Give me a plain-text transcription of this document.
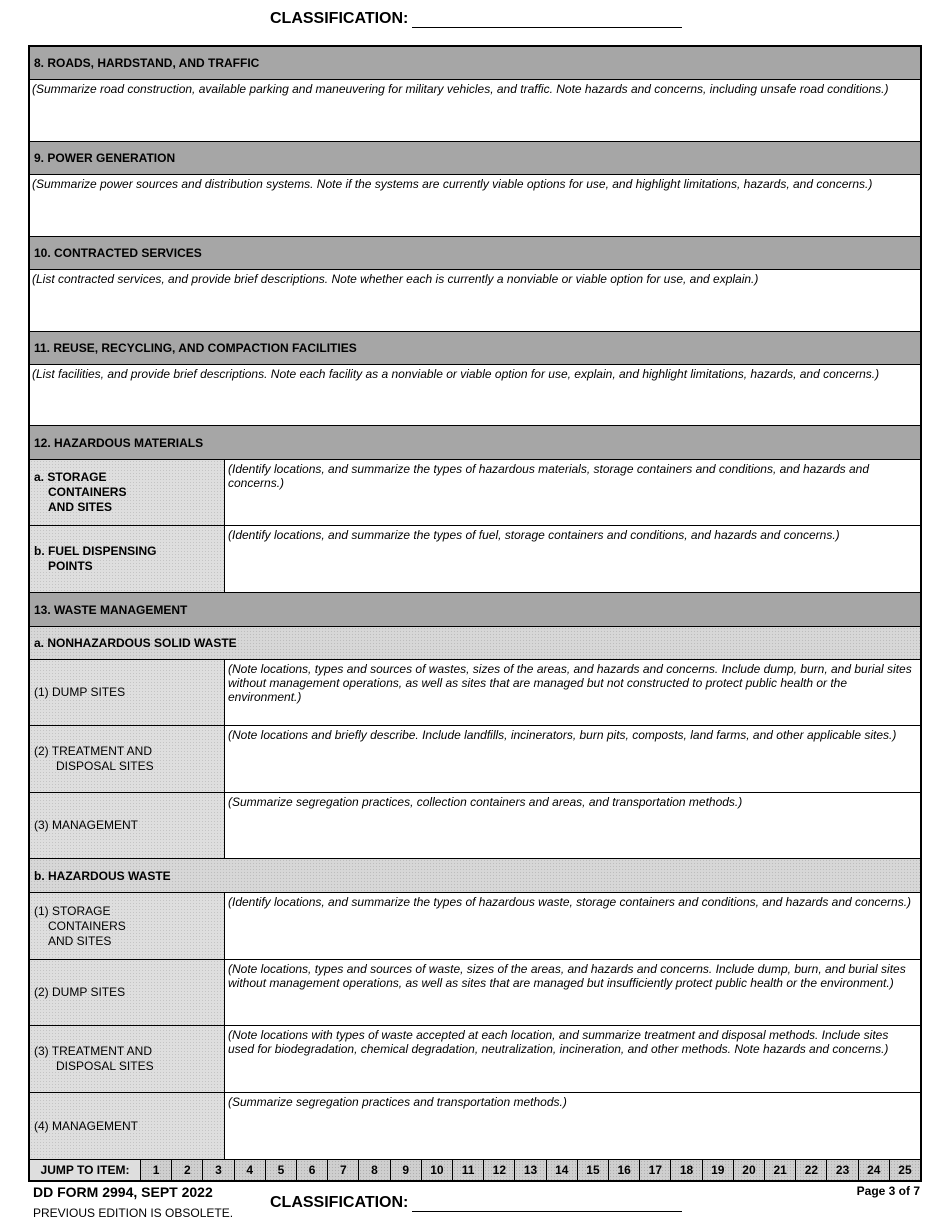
CLASSIFICATION:
8. ROADS, HARDSTAND, AND TRAFFIC
(Summarize road construction, available parking and maneuvering for military vehicles, and traffic. Note hazards and concerns, including unsafe road conditions.)
9. POWER GENERATION
(Summarize power sources and distribution systems. Note if the systems are currently viable options for use, and highlight limitations, hazards, and concerns.)
10. CONTRACTED SERVICES
(List contracted services, and provide brief descriptions. Note whether each is currently a nonviable or viable option for use, and explain.)
11. REUSE, RECYCLING, AND COMPACTION FACILITIES
(List facilities, and provide brief descriptions. Note each facility as a nonviable or viable option for use, explain, and highlight limitations, hazards, and concerns.)
12. HAZARDOUS MATERIALS
a. STORAGE
CONTAINERS
AND SITES
(Identify locations, and summarize the types of hazardous materials, storage containers and conditions, and hazards and concerns.)
b. FUEL DISPENSING
POINTS
(Identify locations, and summarize the types of fuel, storage containers and conditions, and hazards and concerns.)
13. WASTE MANAGEMENT
a. NONHAZARDOUS SOLID WASTE
(1) DUMP SITES
(Note locations, types and sources of wastes, sizes of the areas, and hazards and concerns. Include dump, burn, and burial sites without management operations, as well as sites that are managed but not constructed to protect public health or the environment.)
(2) TREATMENT AND
DISPOSAL SITES
(Note locations and briefly describe. Include landfills, incinerators, burn pits, composts, land farms, and other applicable sites.)
(3) MANAGEMENT
(Summarize segregation practices, collection containers and areas, and transportation methods.)
b. HAZARDOUS WASTE
(1) STORAGE
CONTAINERS
AND SITES
(Identify locations, and summarize the types of hazardous waste, storage containers and conditions, and hazards and concerns.)
(2) DUMP SITES
(Note locations, types and sources of waste, sizes of the areas, and hazards and concerns. Include dump, burn, and burial sites without management operations, as well as sites that are managed but insufficiently protect public health or the environment.)
(3) TREATMENT AND
DISPOSAL SITES
(Note locations with types of waste accepted at each location, and summarize treatment and disposal methods. Include sites used for biodegradation, chemical degradation, neutralization, incineration, and other methods. Note hazards and concerns.)
(4) MANAGEMENT
(Summarize segregation practices and transportation methods.)
JUMP TO ITEM:	1	2	3	4	5	6	7	8	9	10	11	12	13	14	15	16	17	18	19	20	21	22	23	24	25
DD FORM 2994, SEPT 2022
PREVIOUS EDITION IS OBSOLETE.
Page 3 of 7
CLASSIFICATION:
